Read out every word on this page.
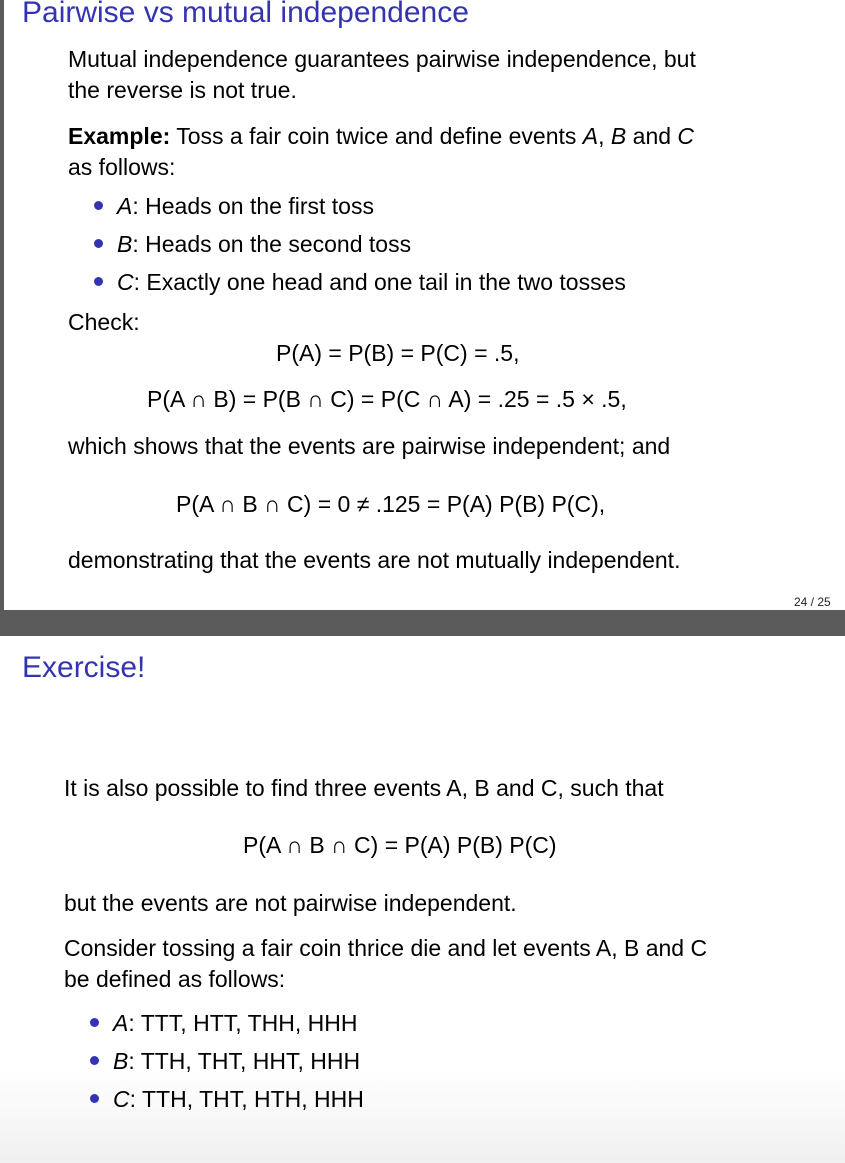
Pairwise vs mutual independence
Mutual independence guarantees pairwise independence, but
the reverse is not true.
Example: Toss a fair coin twice and define events A, B and C
as follows:
A: Heads on the first toss
B: Heads on the second toss
C: Exactly one head and one tail in the two tosses
Check:
P(A) = P(B) = P(C) = .5,
P(A ∩ B) = P(B ∩ C) = P(C ∩ A) = .25 = .5 × .5,
which shows that the events are pairwise independent; and
P(A ∩ B ∩ C) = 0 ≠ .125 = P(A) P(B) P(C),
demonstrating that the events are not mutually independent.
24 / 25
Exercise!
It is also possible to find three events A, B and C, such that
P(A ∩ B ∩ C) = P(A) P(B) P(C)
but the events are not pairwise independent.
Consider tossing a fair coin thrice die and let events A, B and C
be defined as follows:
A: TTT, HTT, THH, HHH
B: TTH, THT, HHT, HHH
C: TTH, THT, HTH, HHH
